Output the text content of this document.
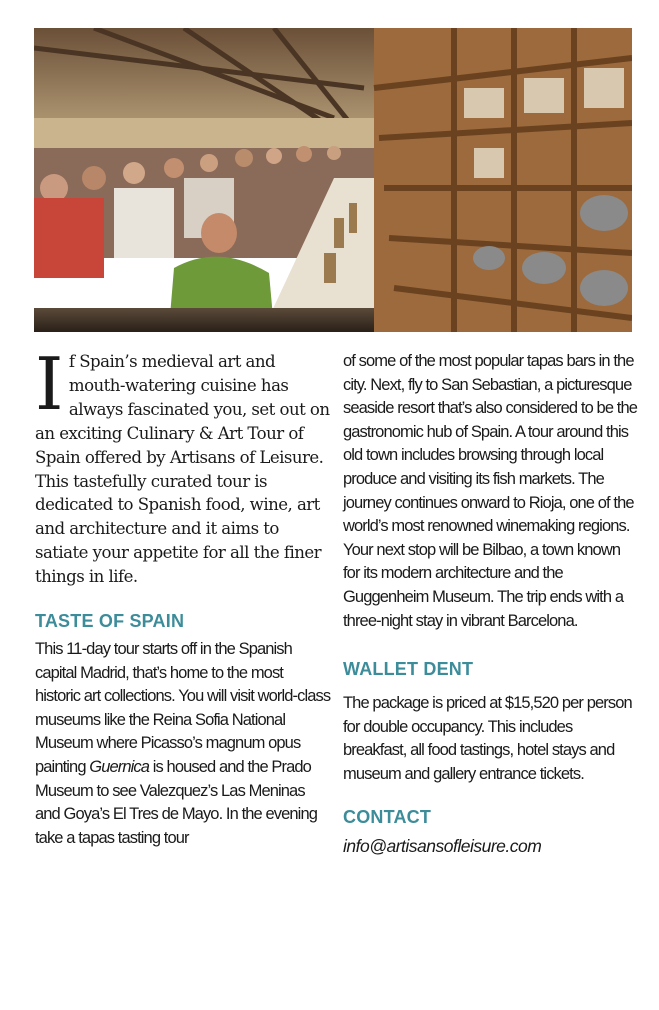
If Spain’s medieval art and mouth-watering cuisine has always fascinated you, set out on an exciting Culinary & Art Tour of Spain offered by Artisans of Leisure. This tastefully curated tour is dedicated to Spanish food, wine, art and architecture and it aims to satiate your appetite for all the finer things in life.

TASTE OF SPAIN

This 11-day tour starts off in the Spanish capital Madrid, that’s home to the most historic art collections. You will visit world-class museums like the Reina Sofia National Museum where Picasso’s magnum opus painting Guernica is housed and the Prado Museum to see Valezquez’s Las Meninas and Goya’s El Tres de Mayo. In the evening take a tapas tasting tour

of some of the most popular tapas bars in the city. Next, fly to San Sebastian, a picturesque seaside resort that’s also considered to be the gastronomic hub of Spain. A tour around this old town includes browsing through local produce and visiting its fish markets. The journey continues onward to Rioja, one of the world’s most renowned winemaking regions. Your next stop will be Bilbao, a town known for its modern architecture and the Guggenheim Museum. The trip ends with a three-night stay in vibrant Barcelona.

WALLET DENT

The package is priced at $15,520 per person for double occupancy. This includes breakfast, all food tastings, hotel stays and museum and gallery entrance tickets.

CONTACT

info@artisansofleisure.com
